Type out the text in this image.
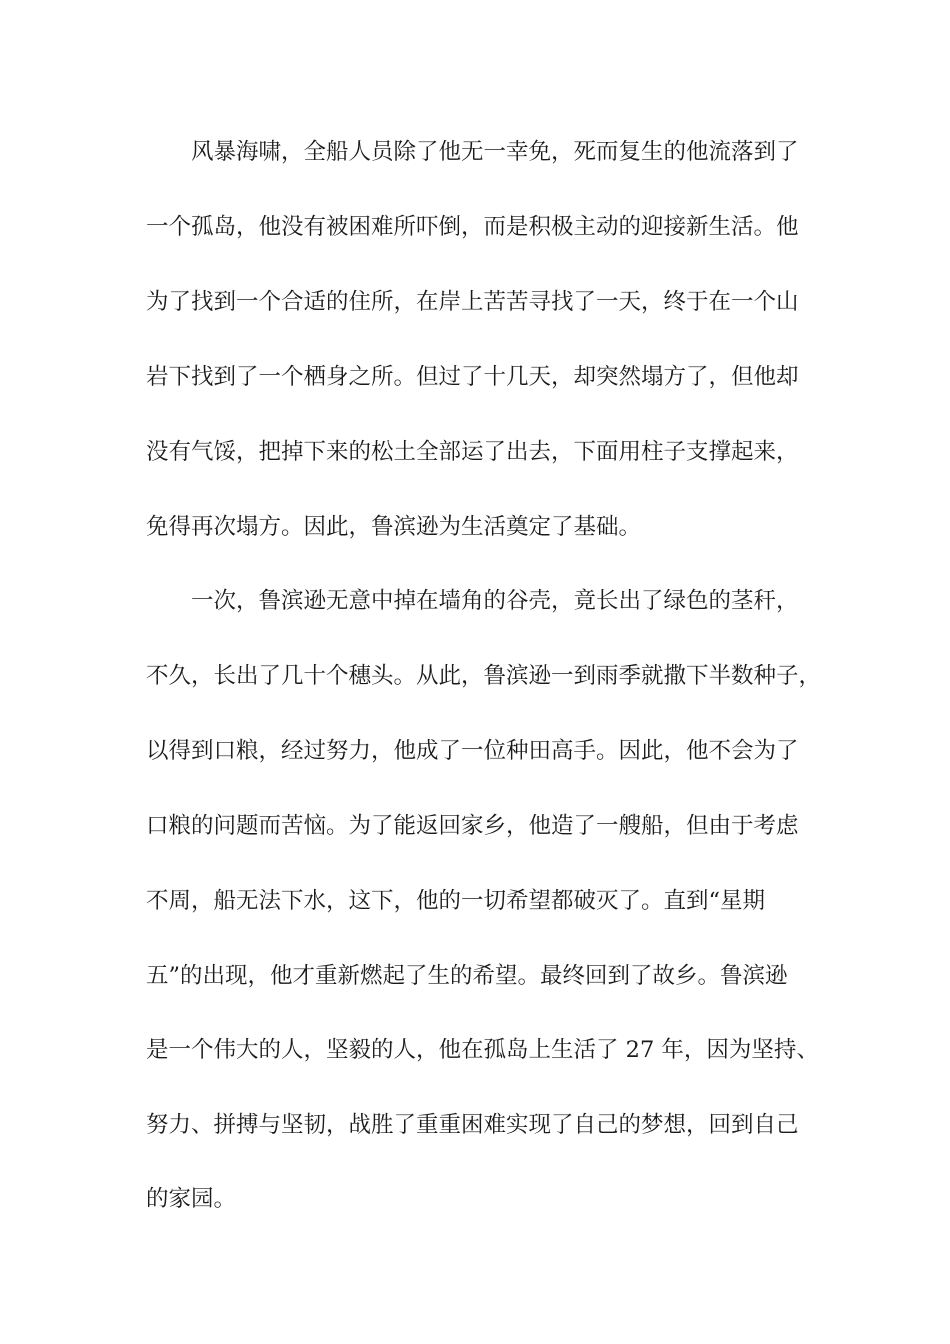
风暴海啸，全船人员除了他无一幸免，死而复生的他流落到了
一个孤岛，他没有被困难所吓倒，而是积极主动的迎接新生活。他
为了找到一个合适的住所，在岸上苦苦寻找了一天，终于在一个山
岩下找到了一个栖身之所。但过了十几天，却突然塌方了，但他却
没有气馁，把掉下来的松土全部运了出去，下面用柱子支撑起来，
免得再次塌方。因此，鲁滨逊为生活奠定了基础。
一次，鲁滨逊无意中掉在墙角的谷壳，竟长出了绿色的茎秆，
不久，长出了几十个穗头。从此，鲁滨逊一到雨季就撒下半数种子，
以得到口粮，经过努力，他成了一位种田高手。因此，他不会为了
口粮的问题而苦恼。为了能返回家乡，他造了一艘船，但由于考虑
不周，船无法下水，这下，他的一切希望都破灭了。直到“星期
五”的出现，他才重新燃起了生的希望。最终回到了故乡。鲁滨逊
是一个伟大的人，坚毅的人，他在孤岛上生活了 27 年，因为坚持、
努力、拼搏与坚韧，战胜了重重困难实现了自己的梦想，回到自己
的家园。
